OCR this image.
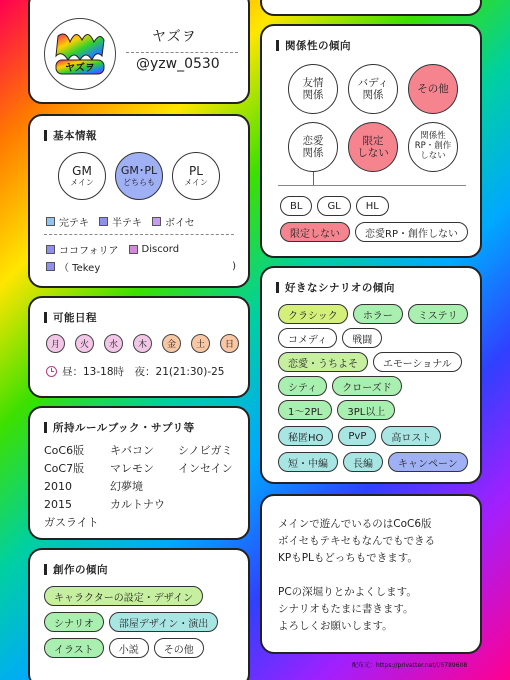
ヤズヲ
ヤズヲ
@yzw_0530
基本情報
GM
メイン
GM･PL
どちらも
PL
メイン
完テキ 半テキ ボイセ
ココフォリア Discord
（ Tekey	)
可能日程
月	火	水	木	金	土	日
昼：13-18時　夜：21(21:30)-25
所持ルールブック・サプリ等
CoC6版
CoC7版
2010
2015
ガスライト
キバコン
マレモン
幻夢境
カルトナウ
シノビガミ
インセイン
創作の傾向
キャラクターの設定・デザイン
シナリオ	部屋デザイン・演出
イラスト	小説	その他
関係性の傾向
友情
関係
バディ
関係
その他
恋愛
関係
限定
しない
関係性
RP・創作
しない
BL	GL	HL
限定しない	恋愛RP・創作しない
好きなシナリオの傾向
クラシック	ホラー	ミステリ
コメディ	戦闘
恋愛・うちよそ	エモーショナル
シティ	クローズド
1〜2PL	3PL以上
秘匿HO	PvP	高ロスト
短・中編	長編	キャンペーン
メインで遊んでいるのはCoC6版
ボイセもテキセもなんでもできる
KPもPLもどっちもできます。
PCの深堀りとかよくします。
シナリオもたまに書きます。
よろしくお願いします。
配布元：https://privatter.net/i/6789608
